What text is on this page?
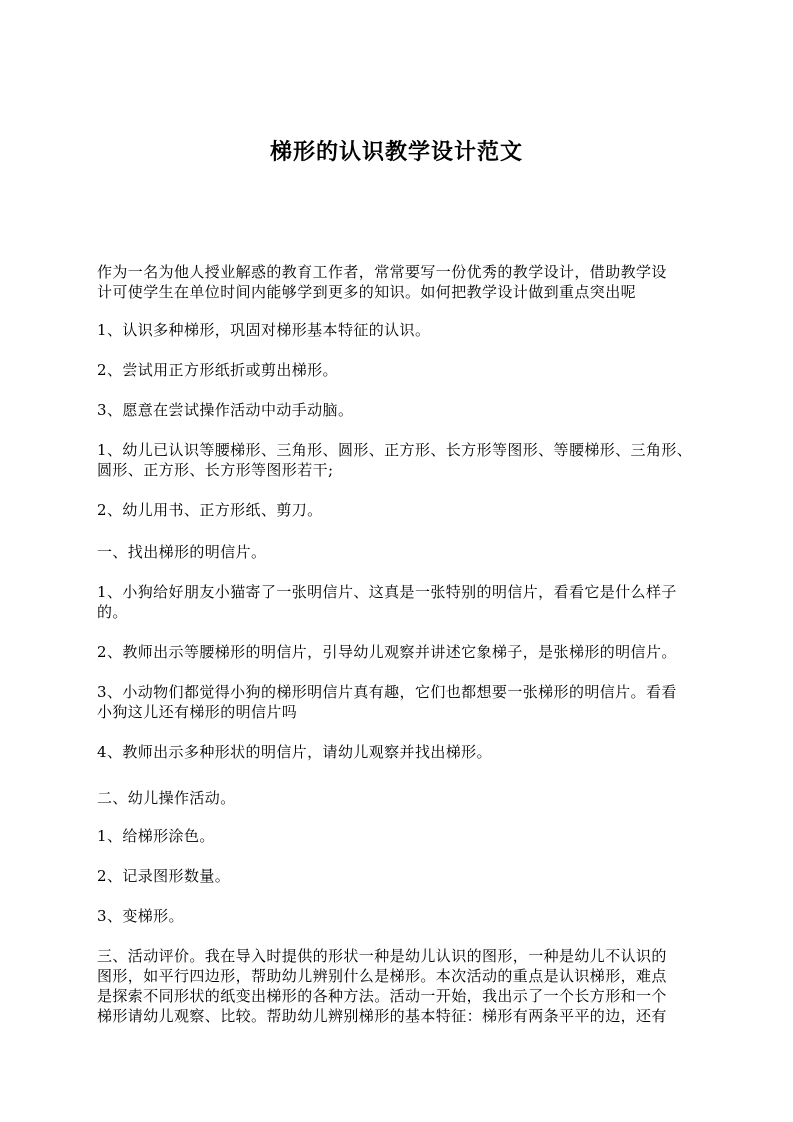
梯形的认识教学设计范文

作为一名为他人授业解惑的教育工作者，常常要写一份优秀的教学设计，借助教学设
计可使学生在单位时间内能够学到更多的知识。如何把教学设计做到重点突出呢

1、认识多种梯形，巩固对梯形基本特征的认识。

2、尝试用正方形纸折或剪出梯形。

3、愿意在尝试操作活动中动手动脑。

1、幼儿已认识等腰梯形、三角形、圆形、正方形、长方形等图形、等腰梯形、三角形、
圆形、正方形、长方形等图形若干;

2、幼儿用书、正方形纸、剪刀。

一、找出梯形的明信片。

1、小狗给好朋友小猫寄了一张明信片、这真是一张特别的明信片，看看它是什么样子
的。

2、教师出示等腰梯形的明信片，引导幼儿观察并讲述它象梯子，是张梯形的明信片。

3、小动物们都觉得小狗的梯形明信片真有趣，它们也都想要一张梯形的明信片。看看
小狗这儿还有梯形的明信片吗

4、教师出示多种形状的明信片，请幼儿观察并找出梯形。

二、幼儿操作活动。

1、给梯形涂色。

2、记录图形数量。

3、变梯形。

三、活动评价。我在导入时提供的形状一种是幼儿认识的图形，一种是幼儿不认识的
图形，如平行四边形，帮助幼儿辨别什么是梯形。本次活动的重点是认识梯形，难点
是探索不同形状的纸变出梯形的各种方法。活动一开始，我出示了一个长方形和一个
梯形请幼儿观察、比较。帮助幼儿辨别梯形的基本特征：梯形有两条平平的边，还有
